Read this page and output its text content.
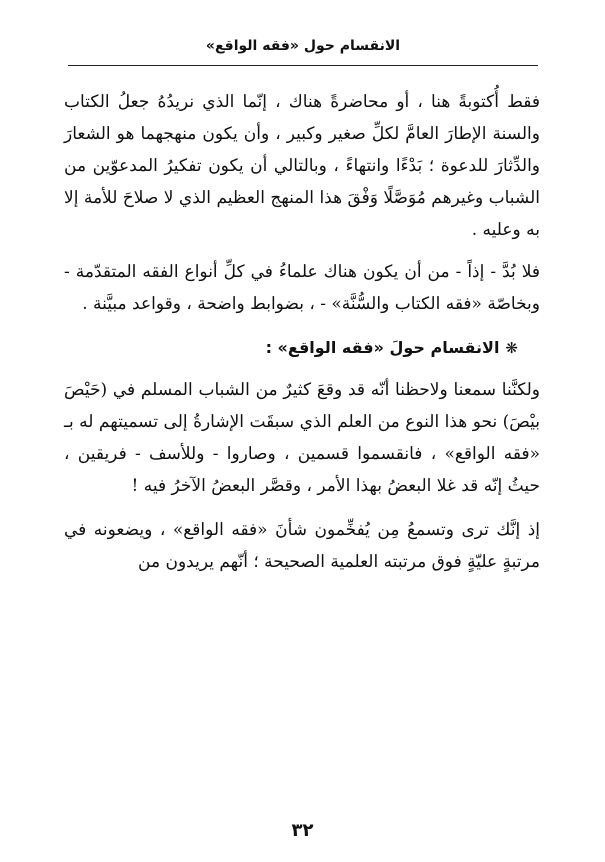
الانقسام حول «فقه الواقع»

فقط أُكتوبةً هنا ، أو محاضرةً هناك ، إنّما الذي نريدُهُ جعلُ الكتاب والسنة الإطارَ العامَّ لكلِّ صغير وكبير ، وأن يكون منهجهما هو الشعارَ والدِّثارَ للدعوة ؛ بَدْءًا وانتهاءً ، وبالتالي أن يكون تفكيرُ المدعوّين من الشباب وغيرهم مُوَصَّلًا وَفْقَ هذا المنهج العظيم الذي لا صلاحَ للأمة إلا به وعليه .

فلا بُدَّ - إذاً - من أن يكون هناك علماءُ في كلِّ أنواع الفقه المتقدّمة - وبخاصّة «فقه الكتاب والسُّنَّة» - ، بضوابط واضحة ، وقواعد مبيَّنة .

❋
الانقسام حولَ «فقه الواقع» :

ولكنَّنا سمعنا ولاحظنا أنّه قد وقعَ كثيرٌ من الشباب المسلم في (حَيْصَ بيْصَ) نحو هذا النوع من العلم الذي سبقَت الإشارةُ إلى تسميتهم له بـ «فقه الواقع» ، فانقسموا قسمين ، وصاروا - وللأسف - فريقين ، حيثُ إنّه قد غلا البعضُ بهذا الأمر ، وقصَّر البعضُ الآخرُ فيه !

إذ إنَّك ترى وتسمعُ مِن يُفخِّمون شأنَ «فقه الواقع» ، ويضعونه في مرتبةٍ عليّةٍ فوق مرتبته العلمية الصحيحة ؛ أنّهم يريدون من

٣٢
